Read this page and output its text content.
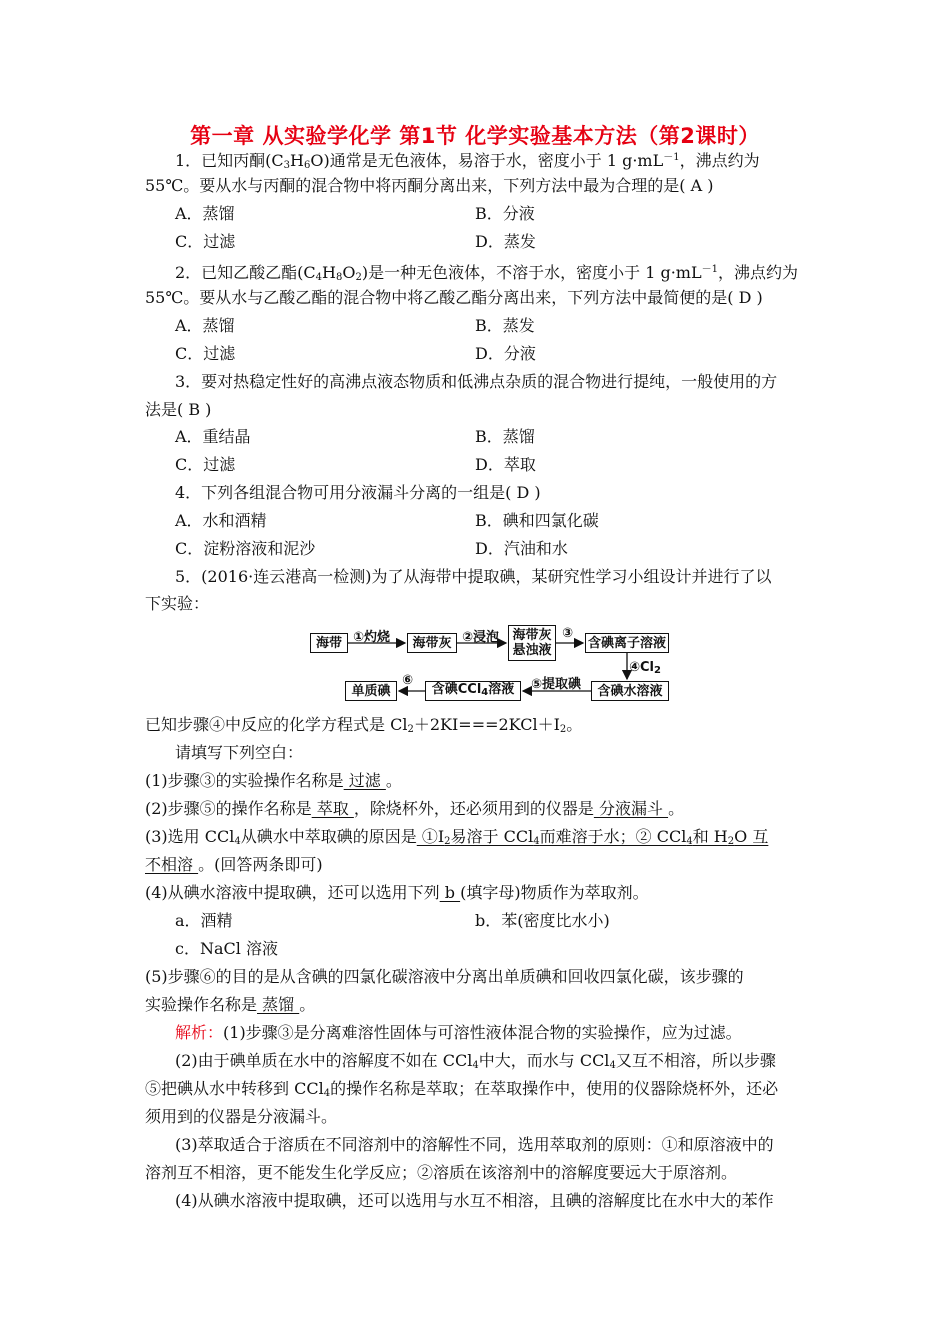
第一章 从实验学化学 第1节 化学实验基本方法（第2课时）
1．已知丙酮$(C_3H_6O)$通常是无色液体，易溶于水，密度小于 1 $g\cdot mL^{-1}$，沸点约为
55℃。要从水与丙酮的混合物中将丙酮分离出来，下列方法中最为合理的是( A )
A．蒸馏	B．分液
C．过滤	D．蒸发
2．已知乙酸乙酯$(C_4H_8O_2)$是一种无色液体，不溶于水，密度小于 1 $g\cdot mL^{-1}$，沸点约为
55℃。要从水与乙酸乙酯的混合物中将乙酸乙酯分离出来，下列方法中最简便的是( D )
A．蒸馏	B．蒸发
C．过滤	D．分液
3．要对热稳定性好的高沸点液态物质和低沸点杂质的混合物进行提纯，一般使用的方
法是( B )
A．重结晶	B．蒸馏
C．过滤	D．萃取
4．下列各组混合物可用分液漏斗分离的一组是( D )
A．水和酒精	B．碘和四氯化碳
C．淀粉溶液和泥沙	D．汽油和水
5．(2016·连云港高一检测)为了从海带中提取碘，某研究性学习小组设计并进行了以
下实验：
海带 ①灼烧	海带灰 ②浸泡 海带灰
悬浊液
③
含碘离子溶液
$④Cl_2$
含碘水溶液
⑤提取碘
含碘CCl$_4$溶液
⑥
单质碘
已知步骤④中反应的化学方程式是 $Cl_2+2KI===2KCl+I_2$。
请填写下列空白：
(1)步骤③的实验操作名称是 过滤 。
(2)步骤⑤的操作名称是 萃取 ，除烧杯外，还必须用到的仪器是 分液漏斗 。
(3)选用 CCl$_4$从碘水中萃取碘的原因是 $①I_2$易溶于 CCl$_4$而难溶于水；② CCl$_4$和 $H_2O$ 互
不相溶 。(回答两条即可)
(4)从碘水溶液中提取碘，还可以选用下列 b (填字母)物质作为萃取剂。
a．酒精	b．苯(密度比水小)
c．NaCl 溶液
(5)步骤⑥的目的是从含碘的四氯化碳溶液中分离出单质碘和回收四氯化碳，该步骤的
实验操作名称是 蒸馏 。
解析：(1)步骤③是分离难溶性固体与可溶性液体混合物的实验操作，应为过滤。
(2)由于碘单质在水中的溶解度不如在 CCl$_4$中大，而水与 CCl$_4$又互不相溶，所以步骤
⑤把碘从水中转移到 CCl$_4$的操作名称是萃取；在萃取操作中，使用的仪器除烧杯外，还必
须用到的仪器是分液漏斗。
(3)萃取适合于溶质在不同溶剂中的溶解性不同，选用萃取剂的原则：①和原溶液中的
溶剂互不相溶，更不能发生化学反应；②溶质在该溶剂中的溶解度要远大于原溶剂。
(4)从碘水溶液中提取碘，还可以选用与水互不相溶，且碘的溶解度比在水中大的苯作
